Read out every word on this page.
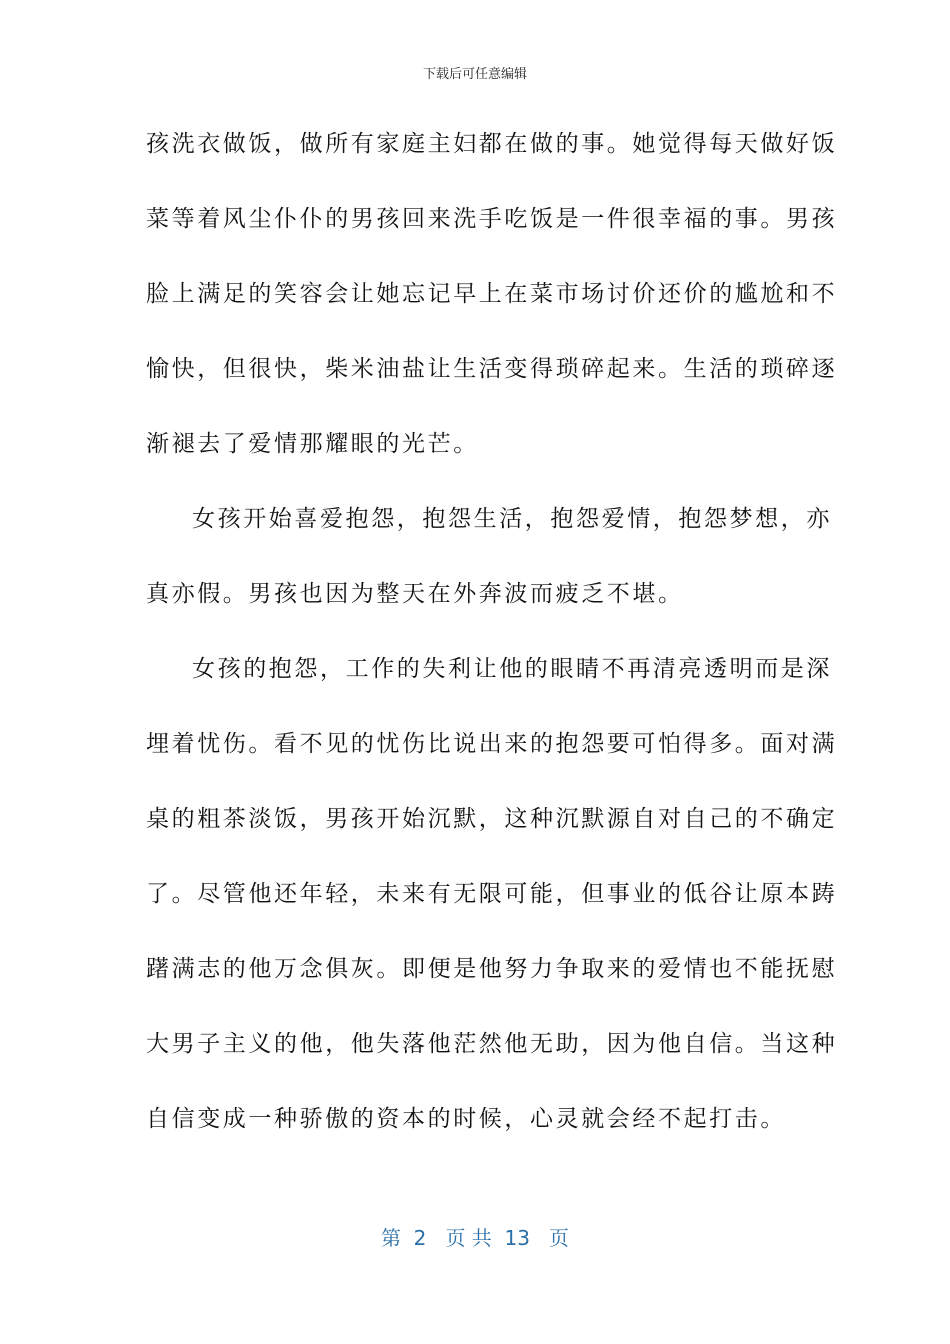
下载后可任意编辑
孩洗衣做饭，做所有家庭主妇都在做的事。她觉得每天做好饭
菜等着风尘仆仆的男孩回来洗手吃饭是一件很幸福的事。男孩
脸上满足的笑容会让她忘记早上在菜市场讨价还价的尴尬和不
愉快，但很快，柴米油盐让生活变得琐碎起来。生活的琐碎逐
渐褪去了爱情那耀眼的光芒。
女孩开始喜爱抱怨，抱怨生活，抱怨爱情，抱怨梦想，亦
真亦假。男孩也因为整天在外奔波而疲乏不堪。
女孩的抱怨，工作的失利让他的眼睛不再清亮透明而是深
埋着忧伤。看不见的忧伤比说出来的抱怨要可怕得多。面对满
桌的粗茶淡饭，男孩开始沉默，这种沉默源自对自己的不确定
了。尽管他还年轻，未来有无限可能，但事业的低谷让原本踌
躇满志的他万念俱灰。即便是他努力争取来的爱情也不能抚慰
大男子主义的他，他失落他茫然他无助，因为他自信。当这种
自信变成一种骄傲的资本的时候，心灵就会经不起打击。
第  2   页 共  13   页
